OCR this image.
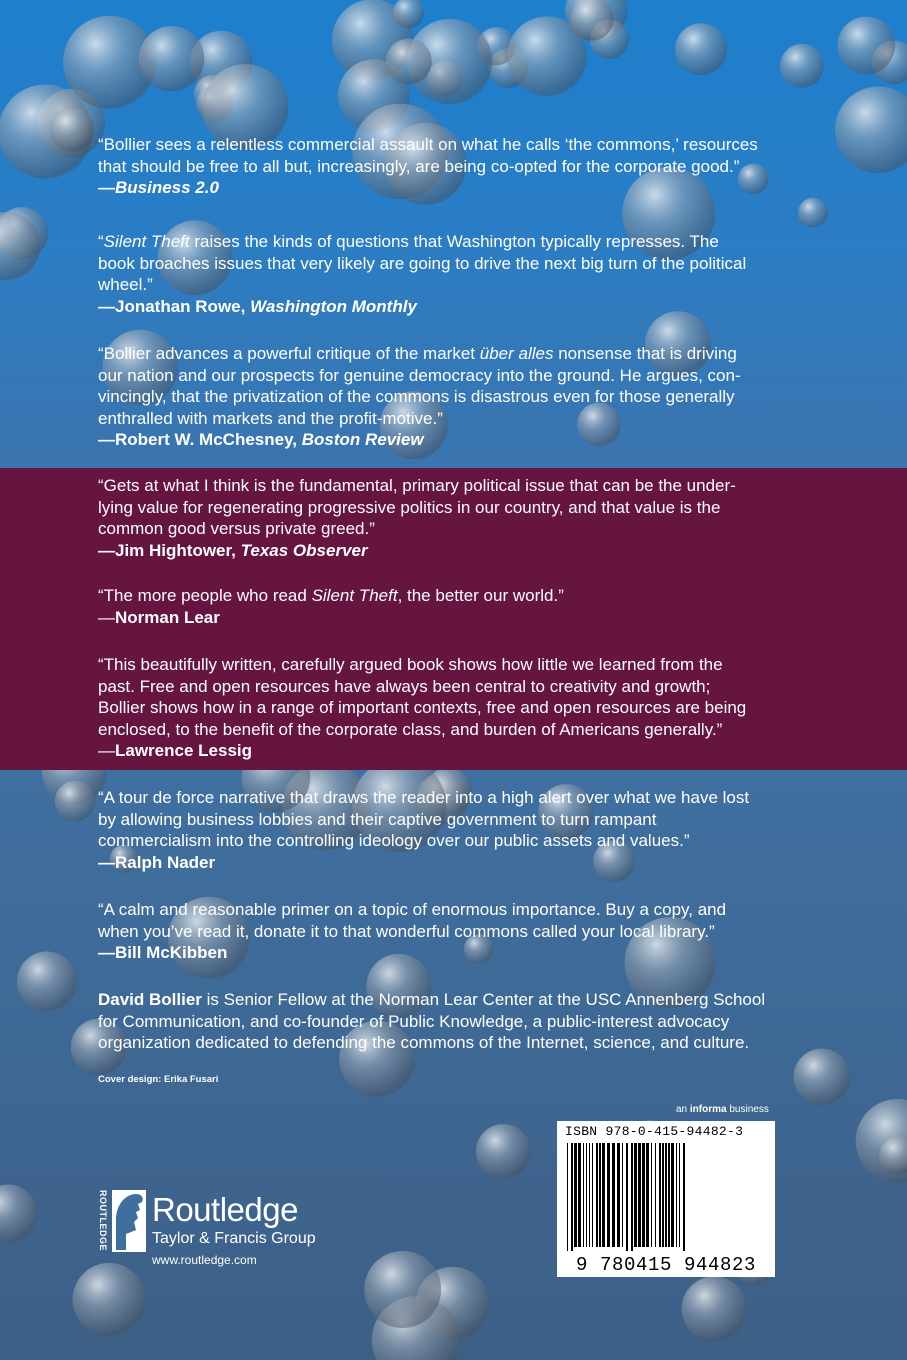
“Bollier sees a relentless commercial assault on what he calls ‘the commons,’ resources

that should be free to all but, increasingly, are being co-opted for the corporate good.”

—Business 2.0

“Silent Theft raises the kinds of questions that Washington typically represses. The

book broaches issues that very likely are going to drive the next big turn of the political

wheel.”

—Jonathan Rowe, Washington Monthly

“Bollier advances a powerful critique of the market über alles nonsense that is driving

our nation and our prospects for genuine democracy into the ground. He argues, con-

vincingly, that the privatization of the commons is disastrous even for those generally

enthralled with markets and the profit-motive.”

—Robert W. McChesney, Boston Review

“Gets at what I think is the fundamental, primary political issue that can be the under-

lying value for regenerating progressive politics in our country, and that value is the

common good versus private greed.”

—Jim Hightower, Texas Observer

“The more people who read Silent Theft, the better our world.”

—Norman Lear

“This beautifully written, carefully argued book shows how little we learned from the

past. Free and open resources have always been central to creativity and growth;

Bollier shows how in a range of important contexts, free and open resources are being

enclosed, to the benefit of the corporate class, and burden of Americans generally.”

—Lawrence Lessig

“A tour de force narrative that draws the reader into a high alert over what we have lost

by allowing business lobbies and their captive government to turn rampant

commercialism into the controlling ideology over our public assets and values.”

—Ralph Nader

“A calm and reasonable primer on a topic of enormous importance. Buy a copy, and

when you’ve read it, donate it to that wonderful commons called your local library.”

—Bill McKibben

David Bollier is Senior Fellow at the Norman Lear Center at the USC Annenberg School

for Communication, and co-founder of Public Knowledge, a public-interest advocacy

organization dedicated to defending the commons of the Internet, science, and culture.

Cover design: Erika Fusari
an informa business
ISBN 978-0-415-94482-3
9 780415 944823
ROUTLEDGE Routledge
Taylor & Francis Group
www.routledge.com
